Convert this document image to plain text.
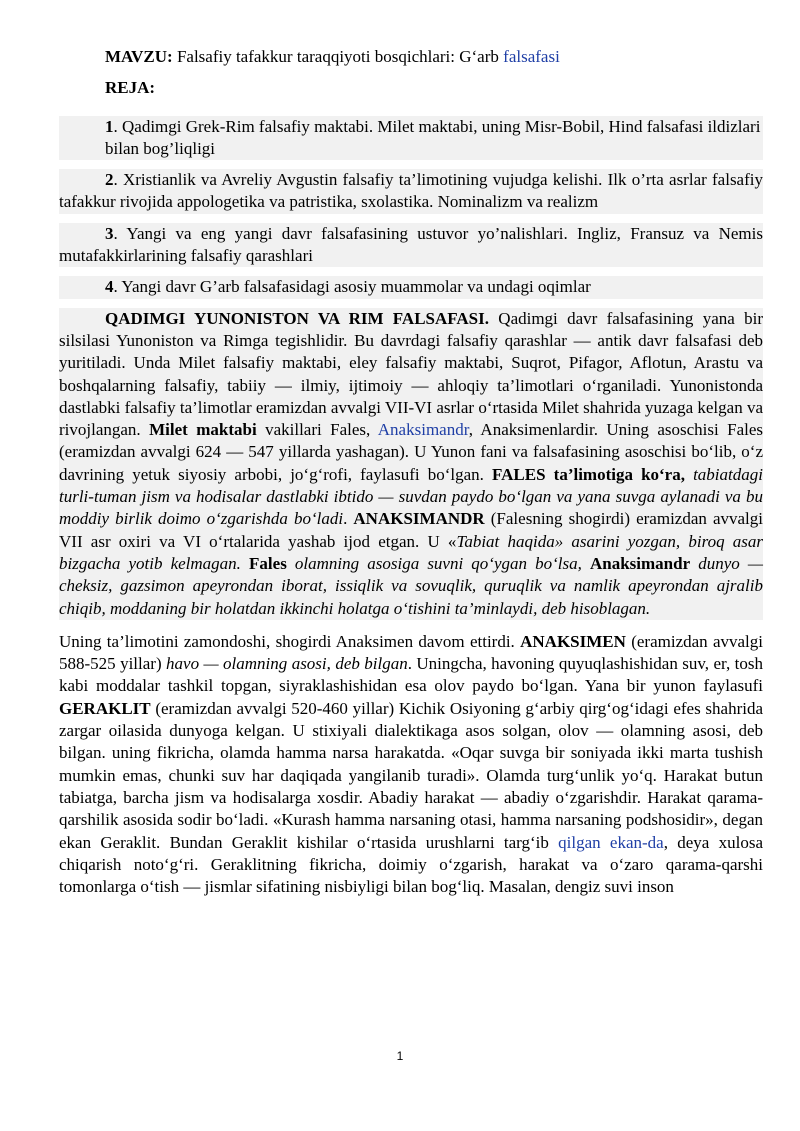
MAVZU: Falsafiy tafakkur taraqqiyoti bosqichlari: G‘arb falsafasi

REJA:

1. Qadimgi Grek-Rim falsafiy maktabi. Milet maktabi, uning Misr-Bobil, Hind falsafasi ildizlari bilan bog’liqligi

2. Xristianlik va Avreliy Avgustin falsafiy ta’limotining vujudga kelishi. Ilk o’rta asrlar falsafiy tafakkur rivojida appologetika va patristika, sxolastika. Nominalizm va realizm

3. Yangi va eng yangi davr falsafasining ustuvor yo’nalishlari. Ingliz, Fransuz va Nemis mutafakkirlarining falsafiy qarashlari

4. Yangi davr G’arb falsafasidagi asosiy muammolar va undagi oqimlar

QADIMGI YUNONISTON VA RIM FALSAFASI. Qadimgi davr falsafasining yana bir silsilasi Yunoniston va Rimga tegishlidir. Bu davrdagi falsafiy qarashlar — antik davr falsafasi deb yuritiladi. Unda Milet falsafiy maktabi, eley falsafiy maktabi, Suqrot, Pifagor, Aflotun, Arastu va boshqalarning falsafiy, tabiiy — ilmiy, ijtimoiy — ahloqiy ta’limotlari o‘rganiladi. Yunonistonda dastlabki falsafiy ta’limotlar eramizdan avvalgi VII-VI asrlar o‘rtasida Milet shahrida yuzaga kelgan va rivojlangan. Milet maktabi vakillari Fales, Anaksimandr, Anaksimenlardir. Uning asoschisi Fales (eramizdan avvalgi 624 — 547 yillarda yashagan). U Yunon fani va falsafasining asoschisi bo‘lib, o‘z davrining yetuk siyosiy arbobi, jo‘g‘rofi, faylasufi bo‘lgan. FALES ta’limotiga ko‘ra, tabiatdagi turli-tuman jism va hodisalar dastlabki ibtido — suvdan paydo bo‘lgan va yana suvga aylanadi va bu moddiy birlik doimo o‘zgarishda bo‘ladi. ANAKSIMANDR (Falesning shogirdi) eramizdan avvalgi VII asr oxiri va VI o‘rtalarida yashab ijod etgan. U «Tabiat haqida» asarini yozgan, biroq asar bizgacha yotib kelmagan. Fales olamning asosiga suvni qo‘ygan bo‘lsa, Anaksimandr dunyo — cheksiz, gazsimon apeyrondan iborat, issiqlik va sovuqlik, quruqlik va namlik apeyrondan ajralib chiqib, moddaning bir holatdan ikkinchi holatga o‘tishini ta’minlaydi, deb hisoblagan.

Uning ta’limotini zamondoshi, shogirdi Anaksimen davom ettirdi. ANAKSIMEN (eramizdan avvalgi 588-525 yillar) havo — olamning asosi, deb bilgan. Uningcha, havoning quyuqlashishidan suv, er, tosh kabi moddalar tashkil topgan, siyraklashishidan esa olov paydo bo‘lgan. Yana bir yunon faylasufi GERAKLIT (eramizdan avvalgi 520-460 yillar) Kichik Osiyoning g‘arbiy qirg‘og‘idagi efes shahrida zargar oilasida dunyoga kelgan. U stixiyali dialektikaga asos solgan, olov — olamning asosi, deb bilgan. uning fikricha, olamda hamma narsa harakatda. «Oqar suvga bir soniyada ikki marta tushish mumkin emas, chunki suv har daqiqada yangilanib turadi». Olamda turg‘unlik yo‘q. Harakat butun tabiatga, barcha jism va hodisalarga xosdir. Abadiy harakat — abadiy o‘zgarishdir. Harakat qarama-qarshilik asosida sodir bo‘ladi. «Kurash hamma narsaning otasi, hamma narsaning podshosidir», degan ekan Geraklit. Bundan Geraklit kishilar o‘rtasida urushlarni targ‘ib qilgan ekan-da, deya xulosa chiqarish noto‘g‘ri. Geraklitning fikricha, doimiy o‘zgarish, harakat va o‘zaro qarama-qarshi tomonlarga o‘tish — jismlar sifatining nisbiyligi bilan bog‘liq. Masalan, dengiz suvi inson

1
